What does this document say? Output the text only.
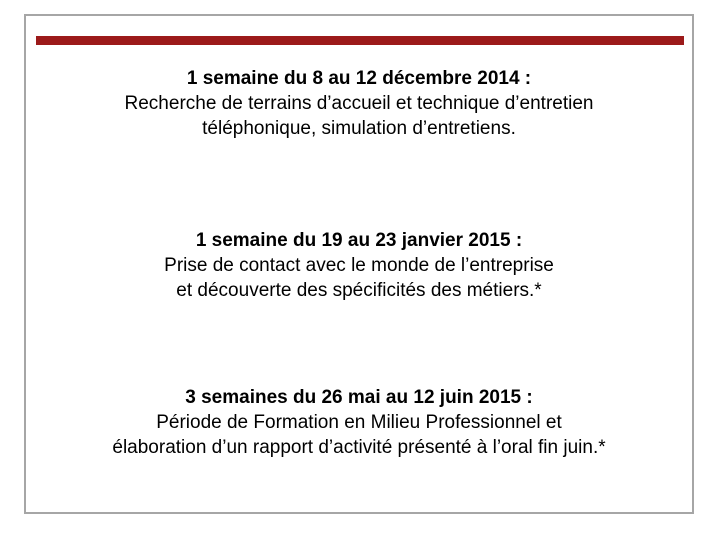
1 semaine du 8 au 12 décembre 2014 :
Recherche de terrains d’accueil et technique d’entretien
téléphonique, simulation d’entretiens.
1 semaine du 19 au 23 janvier 2015 :
Prise de contact avec le monde de l’entreprise
et découverte des spécificités des métiers.*
3 semaines du 26 mai au 12 juin 2015 :
Période de Formation en Milieu Professionnel et
élaboration d’un rapport d’activité présenté à l’oral fin juin.*
